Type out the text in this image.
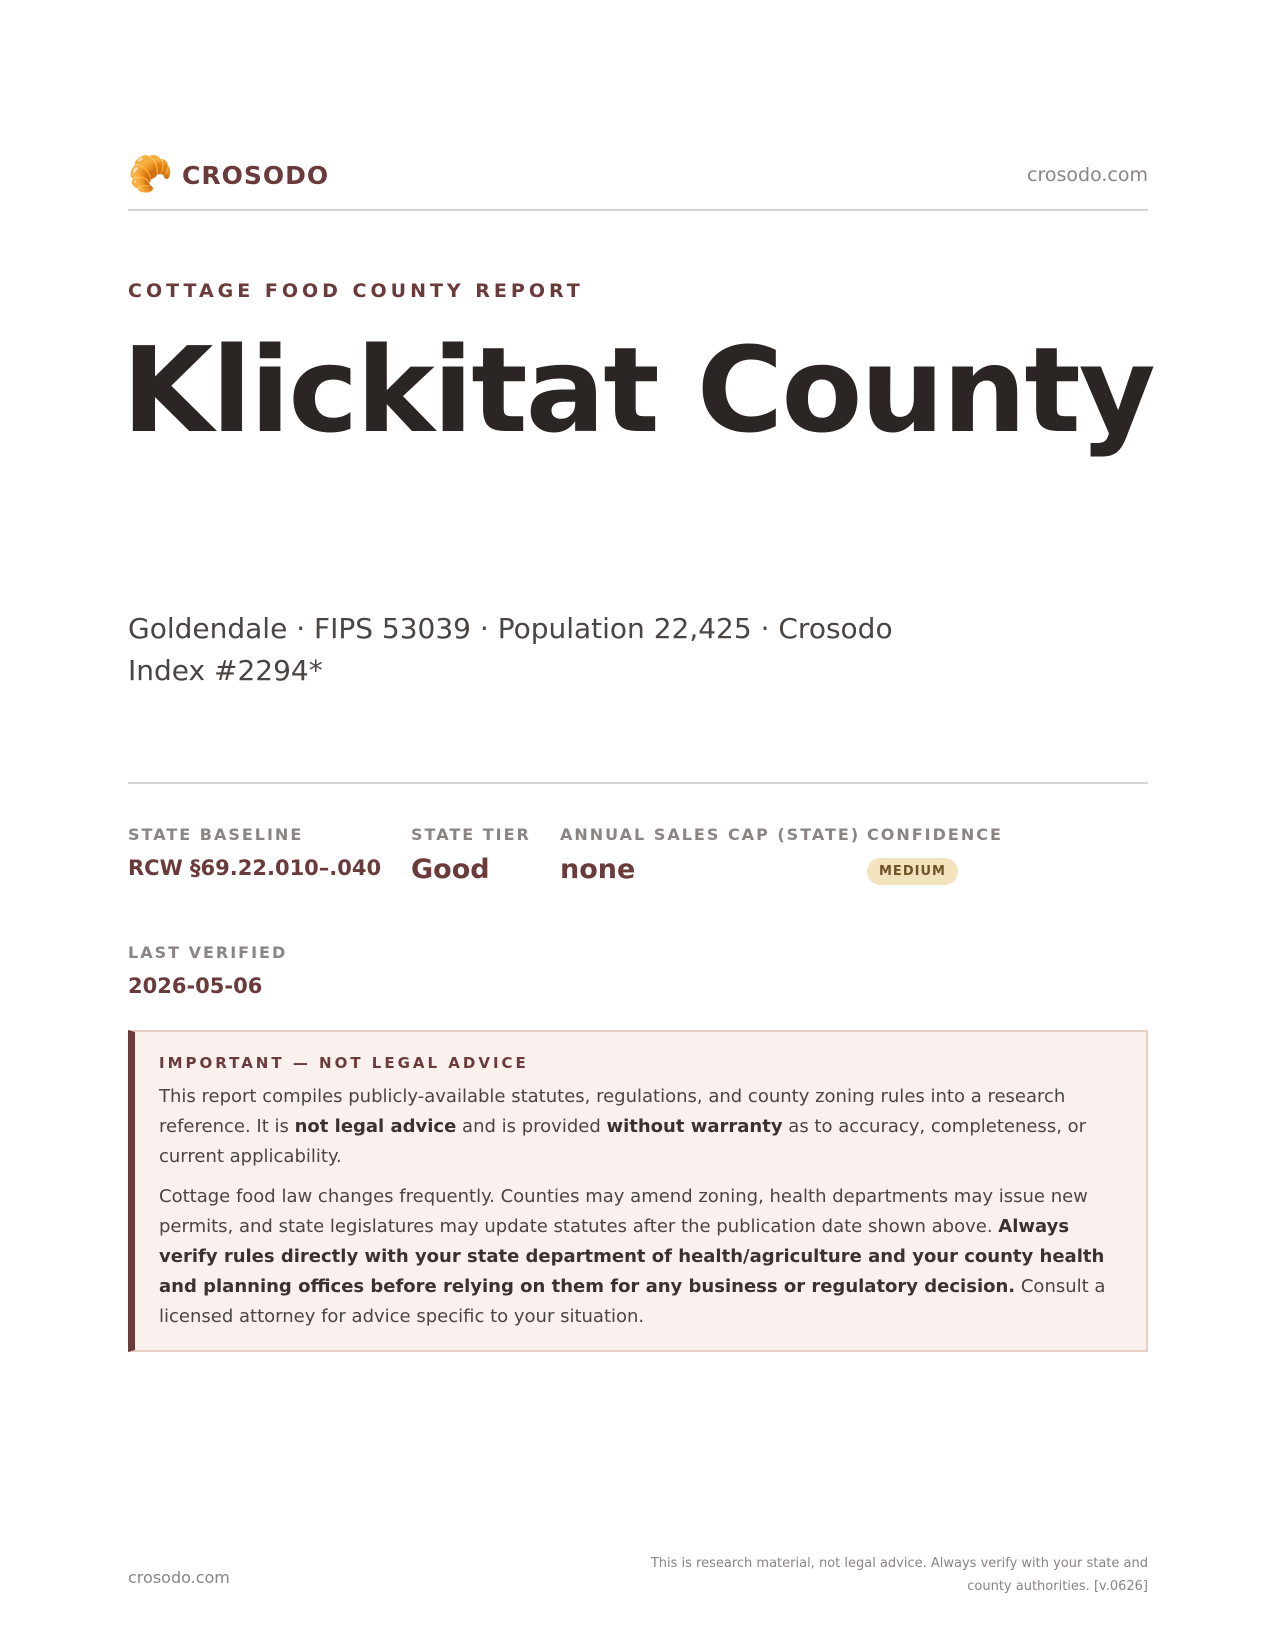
🥐 CROSODO	crosodo.com
COTTAGE FOOD COUNTY REPORT
Klickitat County
Goldendale · FIPS 53039 · Population 22,425 · Crosodo Index #2294*
STATE BASELINE
RCW §69.22.010–.040
STATE TIER
Good
ANNUAL SALES CAP (STATE)
none
CONFIDENCE
MEDIUM
LAST VERIFIED
2026-05-06
IMPORTANT — NOT LEGAL ADVICE

This report compiles publicly-available statutes, regulations, and county zoning rules into a research reference. It is not legal advice and is provided without warranty as to accuracy, completeness, or current applicability.

Cottage food law changes frequently. Counties may amend zoning, health departments may issue new permits, and state legislatures may update statutes after the publication date shown above. Always verify rules directly with your state department of health/agriculture and your county health and planning offices before relying on them for any business or regulatory decision. Consult a licensed attorney for advice specific to your situation.

crosodo.com
This is research material, not legal advice. Always verify with your state and county authorities. [v.0626]
